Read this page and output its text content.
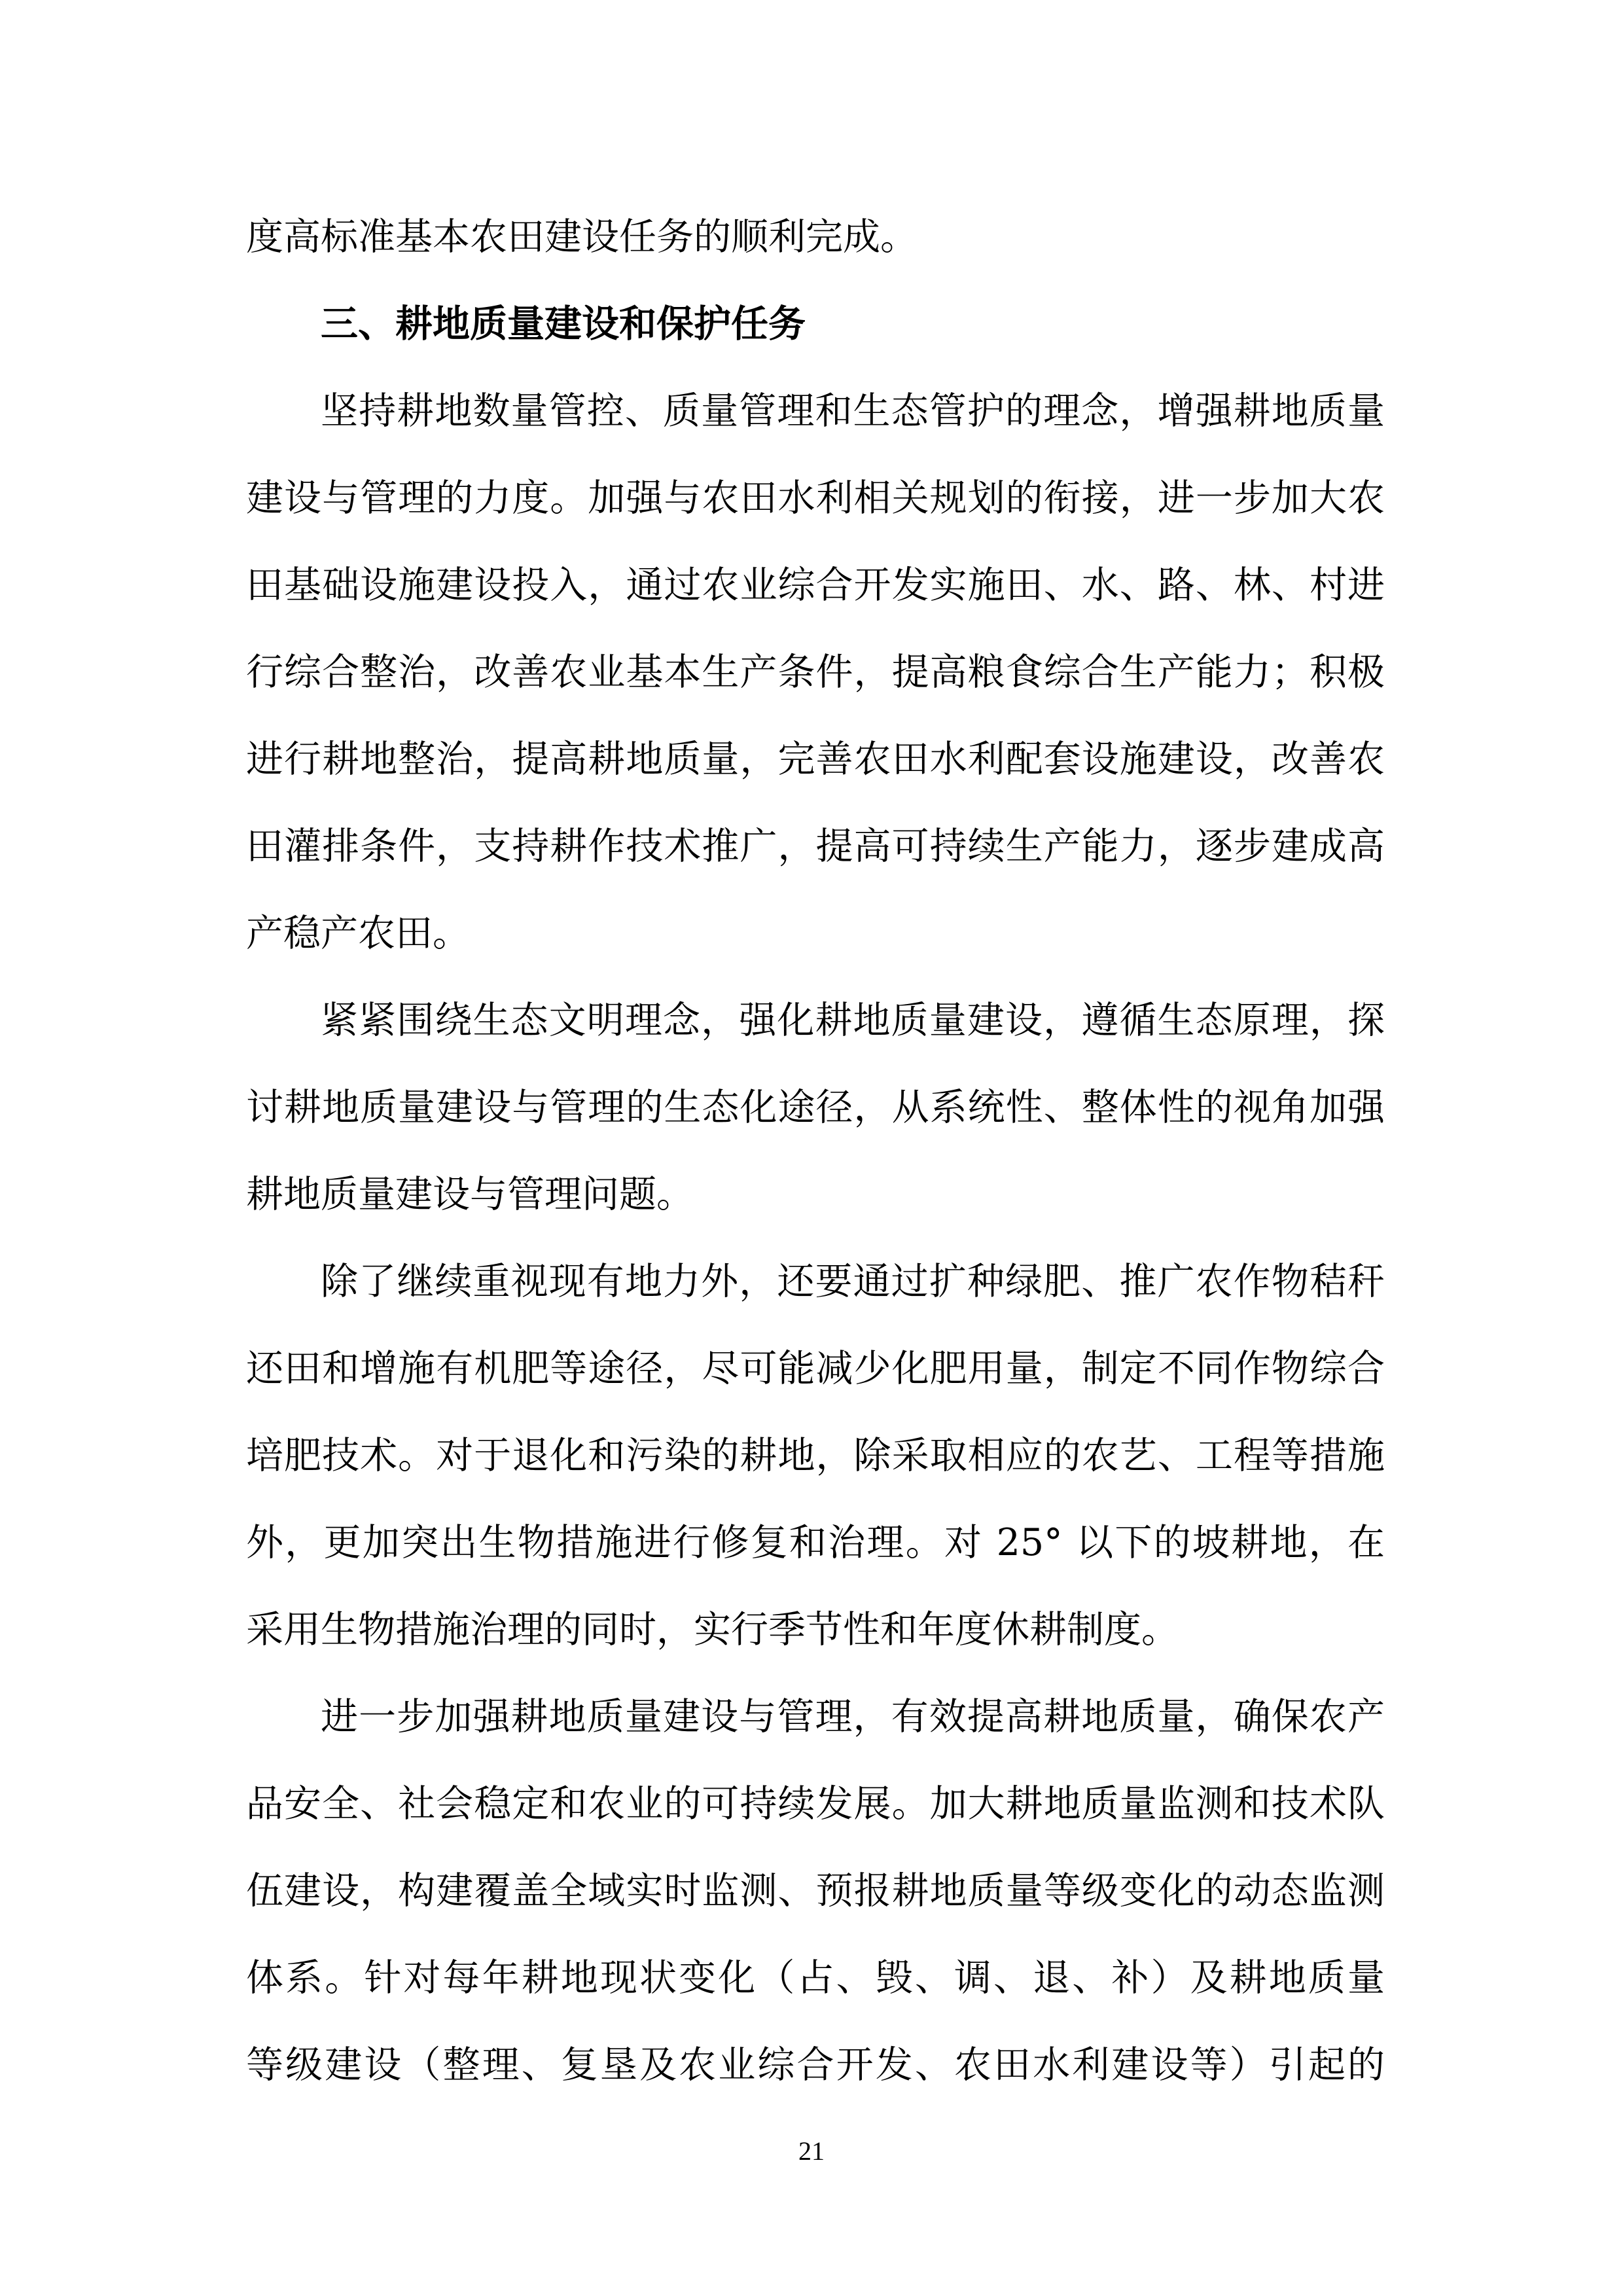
度高标准基本农田建设任务的顺利完成。
三、耕地质量建设和保护任务
坚持耕地数量管控、质量管理和生态管护的理念，增强耕地质量
建设与管理的力度。加强与农田水利相关规划的衔接，进一步加大农
田基础设施建设投入，通过农业综合开发实施田、水、路、林、村进
行综合整治，改善农业基本生产条件，提高粮食综合生产能力；积极
进行耕地整治，提高耕地质量，完善农田水利配套设施建设，改善农
田灌排条件，支持耕作技术推广，提高可持续生产能力，逐步建成高
产稳产农田。
紧紧围绕生态文明理念，强化耕地质量建设，遵循生态原理，探
讨耕地质量建设与管理的生态化途径，从系统性、整体性的视角加强
耕地质量建设与管理问题。
除了继续重视现有地力外，还要通过扩种绿肥、推广农作物秸秆
还田和增施有机肥等途径，尽可能减少化肥用量，制定不同作物综合
培肥技术。对于退化和污染的耕地，除采取相应的农艺、工程等措施
外，更加突出生物措施进行修复和治理。对 25° 以下的坡耕地，在
采用生物措施治理的同时，实行季节性和年度休耕制度。
进一步加强耕地质量建设与管理，有效提高耕地质量，确保农产
品安全、社会稳定和农业的可持续发展。加大耕地质量监测和技术队
伍建设，构建覆盖全域实时监测、预报耕地质量等级变化的动态监测
体系。针对每年耕地现状变化（占、毁、调、退、补）及耕地质量
等级建设（整理、复垦及农业综合开发、农田水利建设等）引起的
21
